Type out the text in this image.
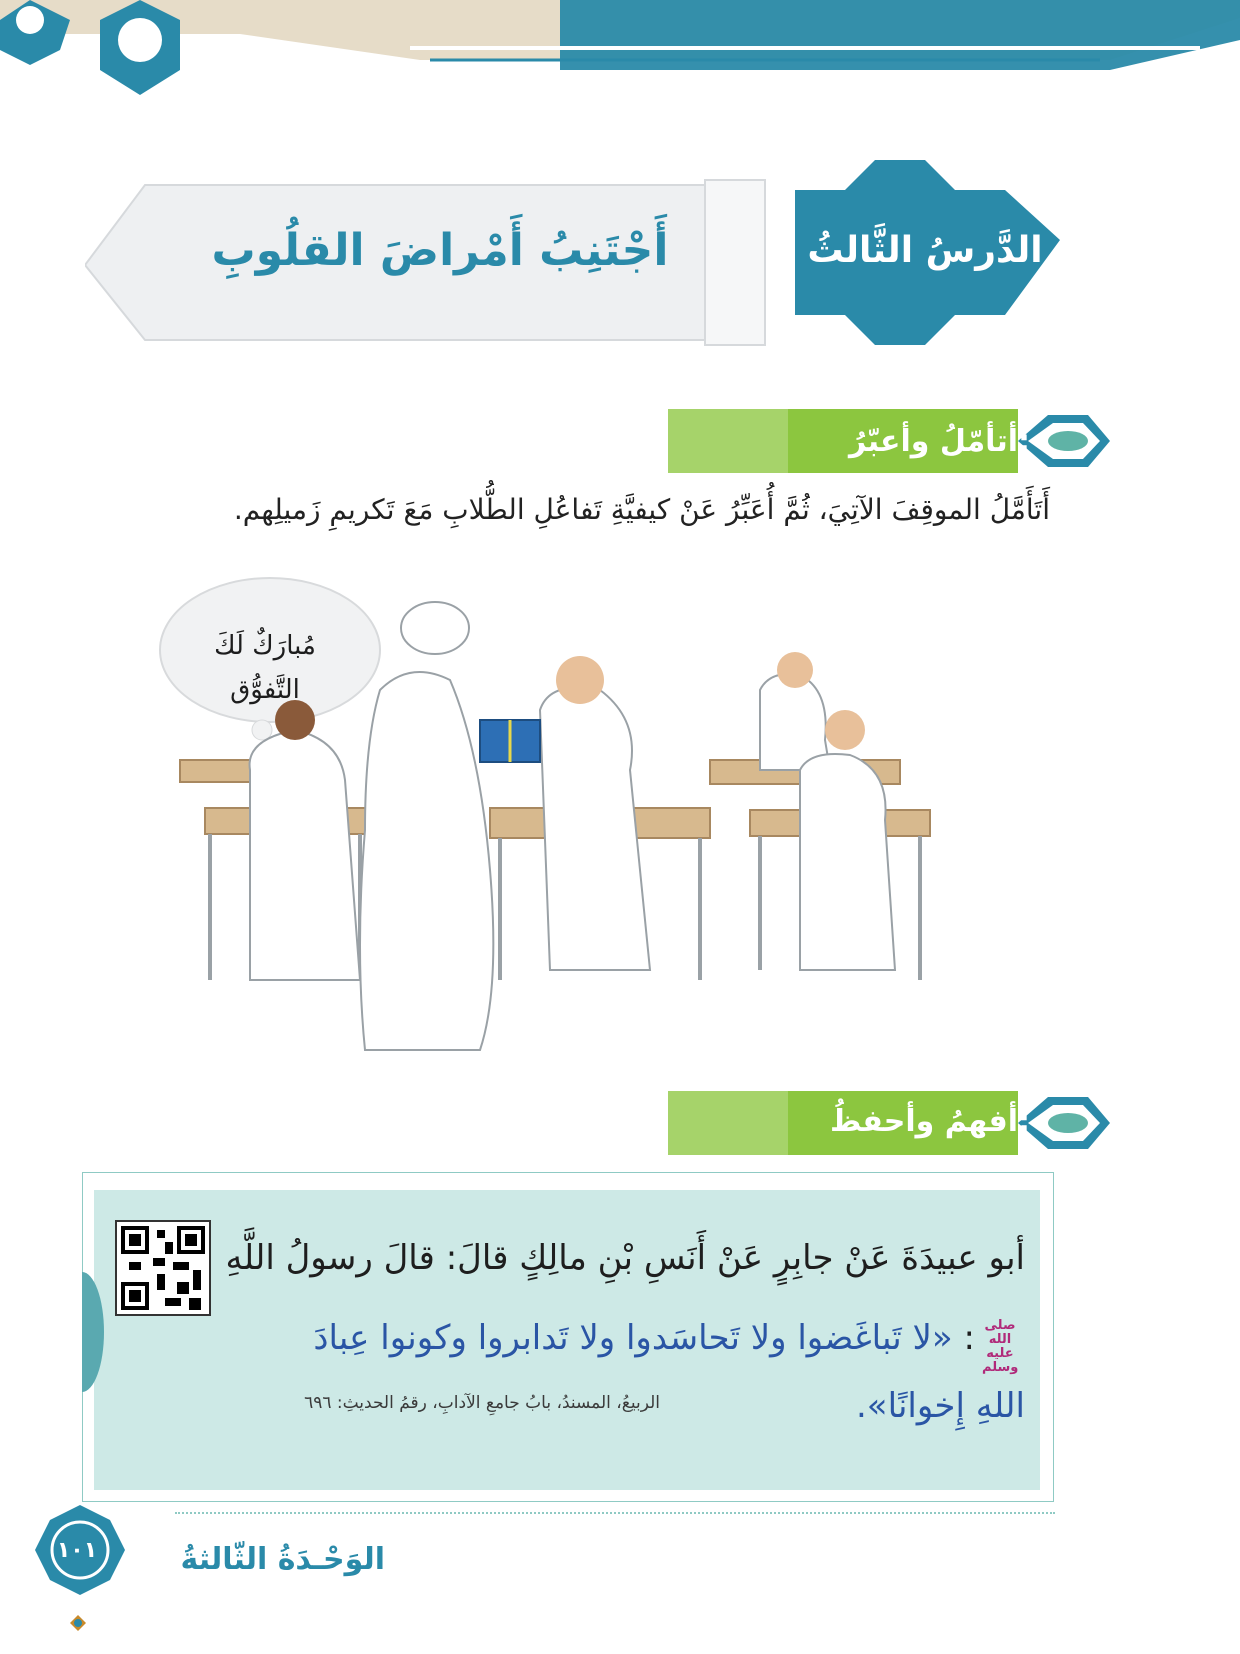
الدَّرسُ الثَّالثُ
أَجْتَنِبُ أَمْراضَ القلُوبِ
أتأمّلُ وأعبّرُ:
أَتَأَمَّلُ الموقِفَ الآتِيَ، ثُمَّ أُعَبِّرُ عَنْ كيفيَّةِ تَفاعُلِ الطُّلابِ مَعَ تَكريمِ زَميلِهم.
مُبارَكٌ لَكَ
التَّفوُّق
أفهمُ وأحفظُ:
أبو عبيدَةَ عَنْ جابِرٍ عَنْ أَنَسِ بْنِ مالِكٍ قالَ: قالَ رسولُ اللَّهِ
صلى الله عليه وسلم
: «لا تَباغَضوا ولا تَحاسَدوا ولا تَدابروا وكونوا عِبادَ
اللهِ إِخوانًا».
الربيعُ، المسندُ، بابُ جامعِ الآدابِ، رقمُ الحديثِ: ٦٩٦
١٠١	الوَحْـدَةُ الثّالثةُ
